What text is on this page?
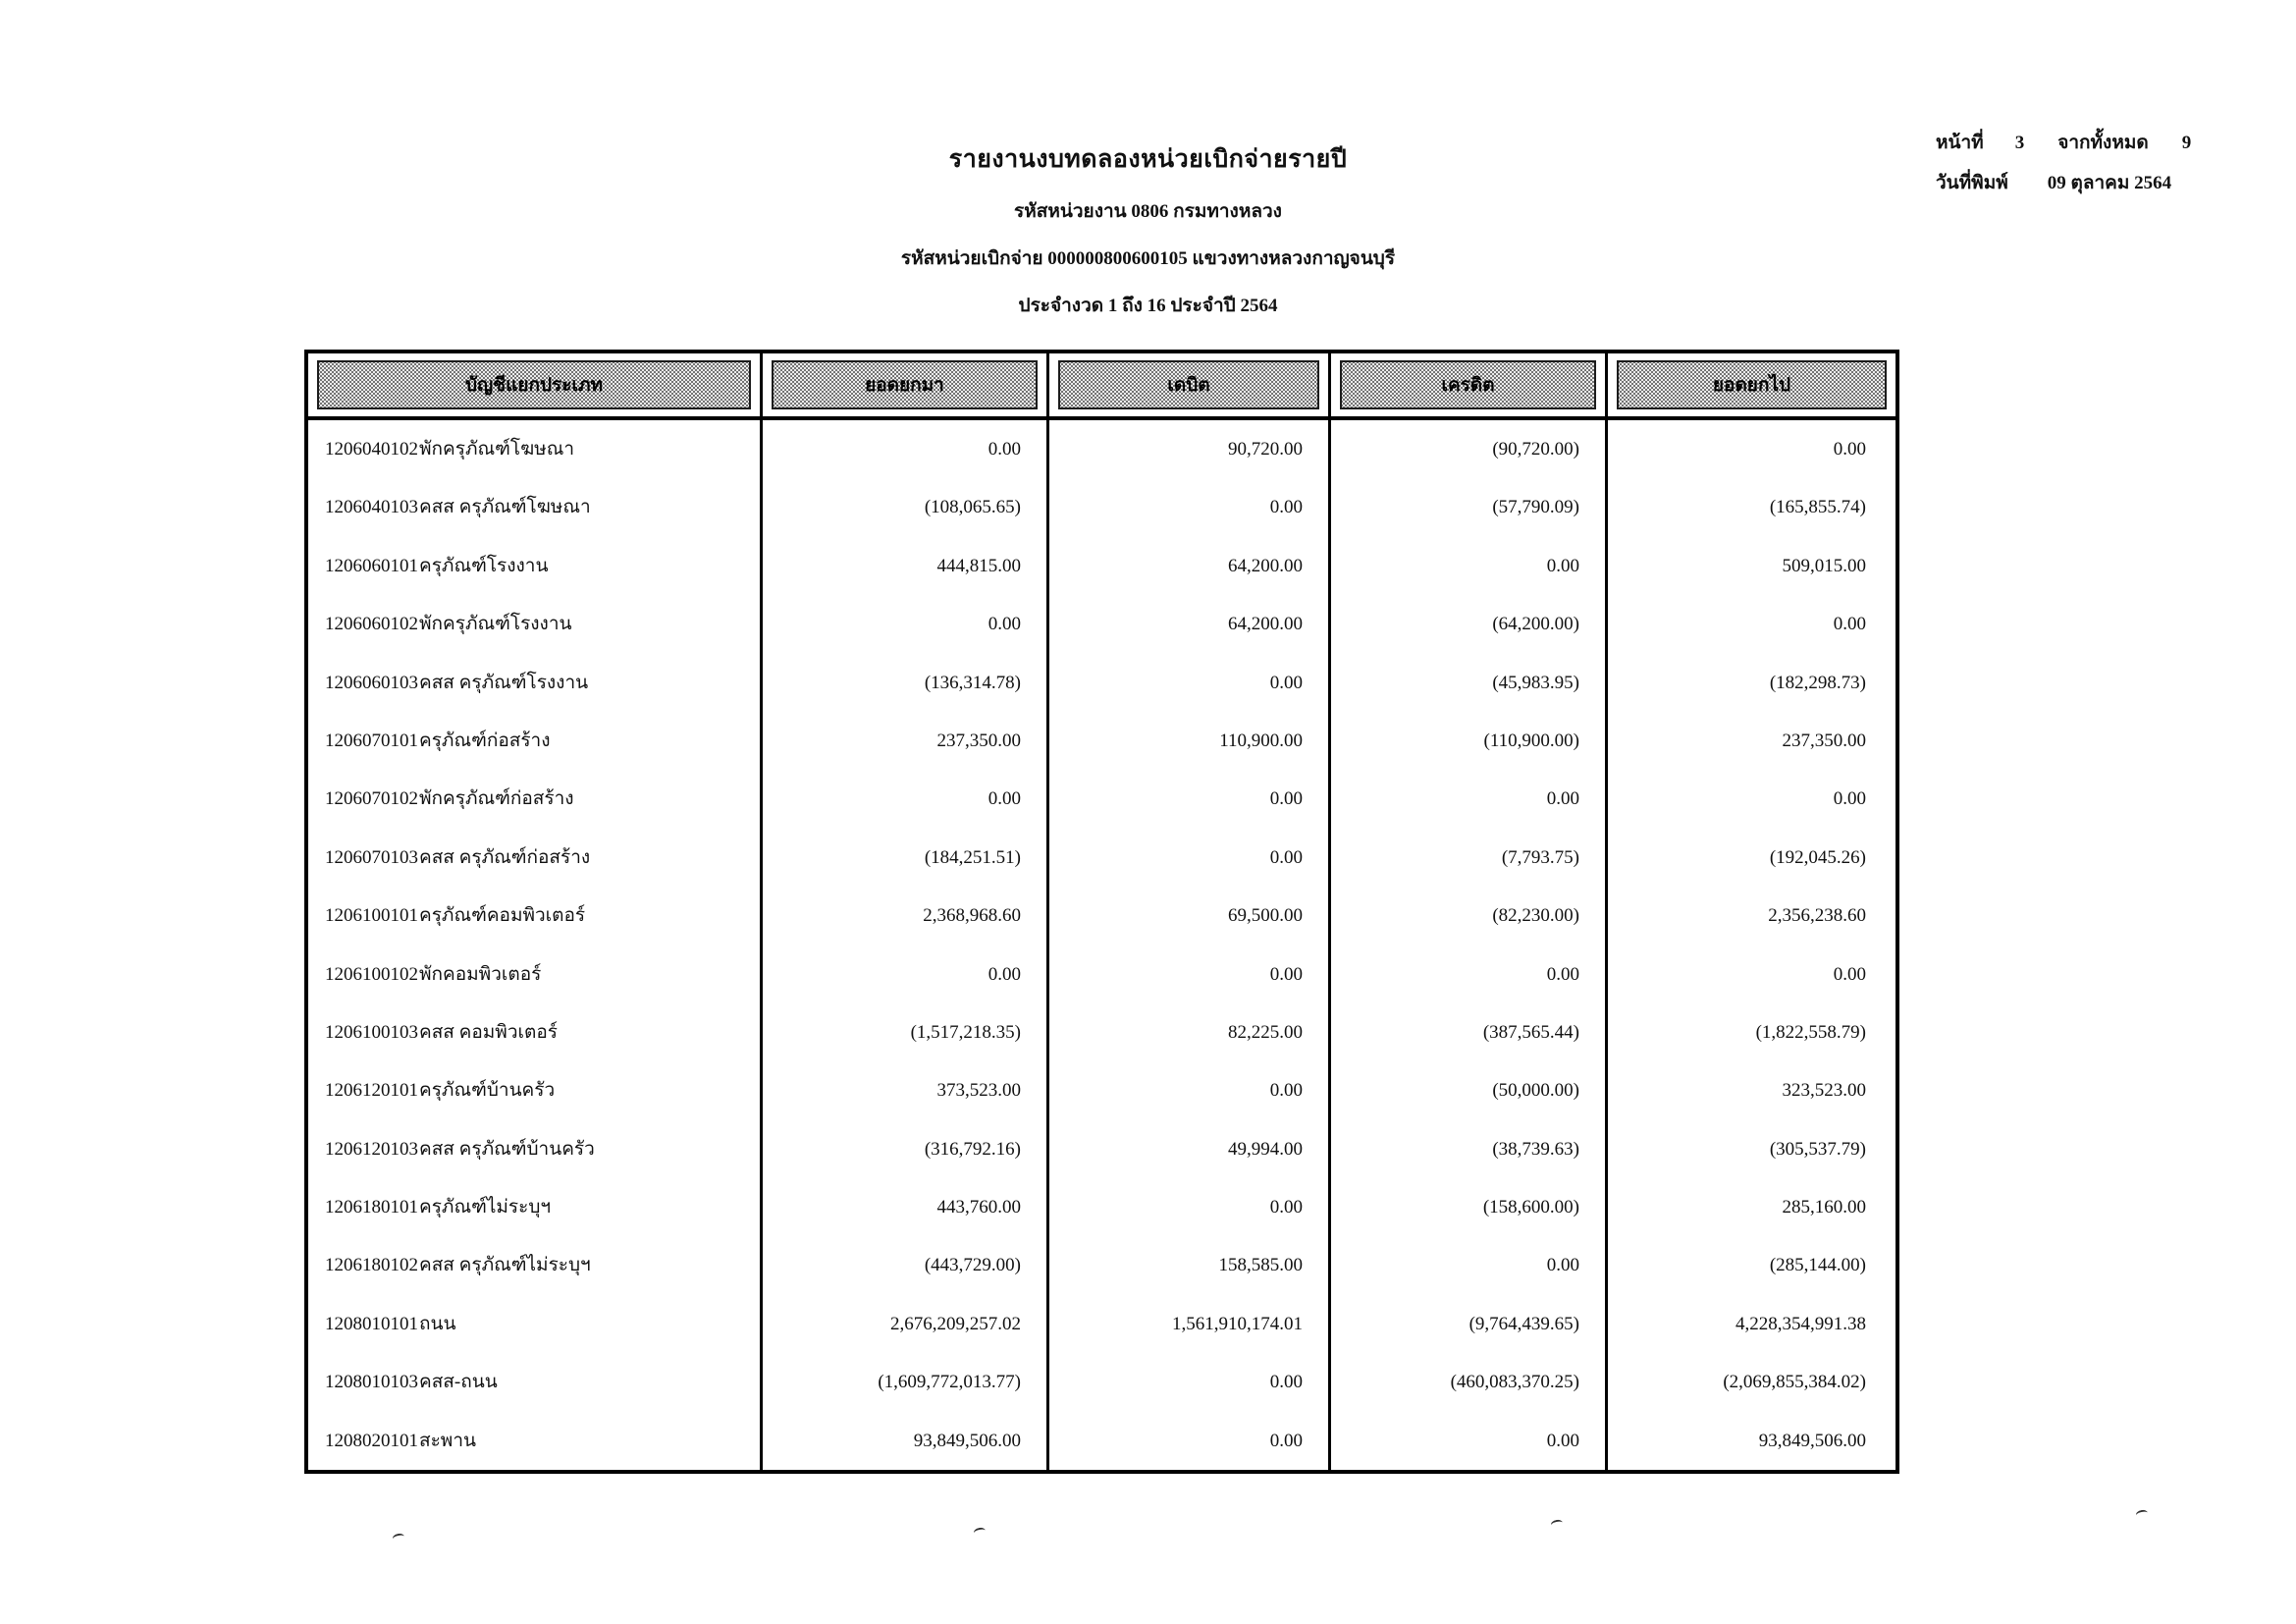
รายงานงบทดลองหน่วยเบิกจ่ายรายปี
รหัสหน่วยงาน 0806 กรมทางหลวง
รหัสหน่วยเบิกจ่าย 000000800600105 แขวงทางหลวงกาญจนบุรี
ประจำงวด 1 ถึง 16 ประจำปี 2564
หน้าที่ 3 จากทั้งหมด 9
วันที่พิมพ์ 09 ตุลาคม 2564
บัญชีแยกประเภท	ยอดยกมา	เดบิต	เครดิต	ยอดยกไป
1206040102พักครุภัณฑ์โฆษณา	0.00	90,720.00	(90,720.00)	0.00
1206040103คสส ครุภัณฑ์โฆษณา	(108,065.65)	0.00	(57,790.09)	(165,855.74)
1206060101ครุภัณฑ์โรงงาน	444,815.00	64,200.00	0.00	509,015.00
1206060102พักครุภัณฑ์โรงงาน	0.00	64,200.00	(64,200.00)	0.00
1206060103คสส ครุภัณฑ์โรงงาน	(136,314.78)	0.00	(45,983.95)	(182,298.73)
1206070101ครุภัณฑ์ก่อสร้าง	237,350.00	110,900.00	(110,900.00)	237,350.00
1206070102พักครุภัณฑ์ก่อสร้าง	0.00	0.00	0.00	0.00
1206070103คสส ครุภัณฑ์ก่อสร้าง	(184,251.51)	0.00	(7,793.75)	(192,045.26)
1206100101ครุภัณฑ์คอมพิวเตอร์	2,368,968.60	69,500.00	(82,230.00)	2,356,238.60
1206100102พักคอมพิวเตอร์	0.00	0.00	0.00	0.00
1206100103คสส คอมพิวเตอร์	(1,517,218.35)	82,225.00	(387,565.44)	(1,822,558.79)
1206120101ครุภัณฑ์บ้านครัว	373,523.00	0.00	(50,000.00)	323,523.00
1206120103คสส ครุภัณฑ์บ้านครัว	(316,792.16)	49,994.00	(38,739.63)	(305,537.79)
1206180101ครุภัณฑ์ไม่ระบุฯ	443,760.00	0.00	(158,600.00)	285,160.00
1206180102คสส ครุภัณฑ์ไม่ระบุฯ	(443,729.00)	158,585.00	0.00	(285,144.00)
1208010101ถนน	2,676,209,257.02	1,561,910,174.01	(9,764,439.65)	4,228,354,991.38
1208010103คสส-ถนน	(1,609,772,013.77)	0.00	(460,083,370.25)	(2,069,855,384.02)
1208020101สะพาน	93,849,506.00	0.00	0.00	93,849,506.00
